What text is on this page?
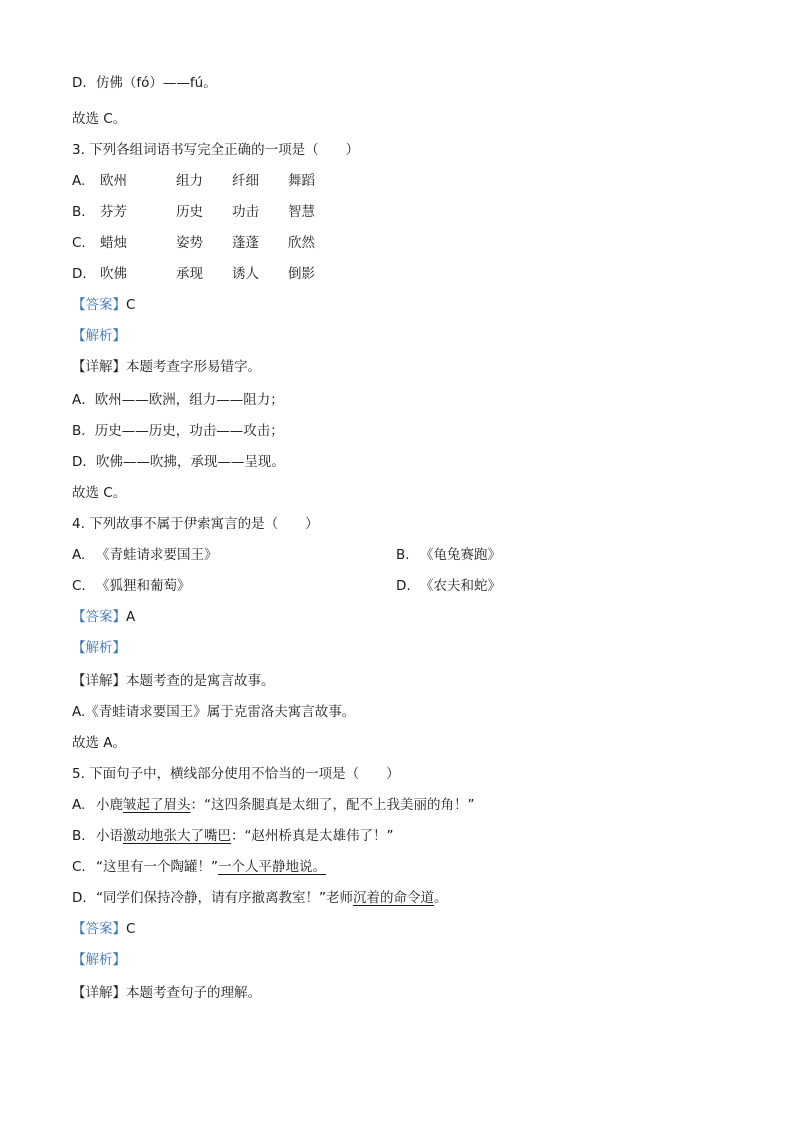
D．仿佛（fó）——fú。
故选 C。
3. 下列各组词语书写完全正确的一项是（　　）
A. 欧州	组力 纤细 舞蹈
B. 芬芳	历史 功击 智慧
C. 蜡烛	姿势 蓬蓬 欣然
D. 吹佛	承现 诱人 倒影
【答案】C
【解析】
【详解】本题考查字形易错字。
A．欧州——欧洲，组力——阻力；
B．历史——历史，功击——攻击；
D．吹佛——吹拂，承现——呈现。
故选 C。
4. 下列故事不属于伊索寓言的是（　　）
A. 《青蛙请求要国王》	B. 《龟兔赛跑》
C. 《狐狸和葡萄》	D. 《农夫和蛇》
【答案】A
【解析】
【详解】本题考查的是寓言故事。
A.《青蛙请求要国王》属于克雷洛夫寓言故事。
故选 A。
5. 下面句子中，横线部分使用不恰当的一项是（　　）
A. 小鹿皱起了眉头：“这四条腿真是太细了，配不上我美丽的角！”
B. 小语激动地张大了嘴巴：“赵州桥真是太雄伟了！”
C. “这里有一个陶罐！”一个人平静地说。
D. “同学们保持冷静，请有序撤离教室！”老师沉着的命令道。
【答案】C
【解析】
【详解】本题考查句子的理解。
